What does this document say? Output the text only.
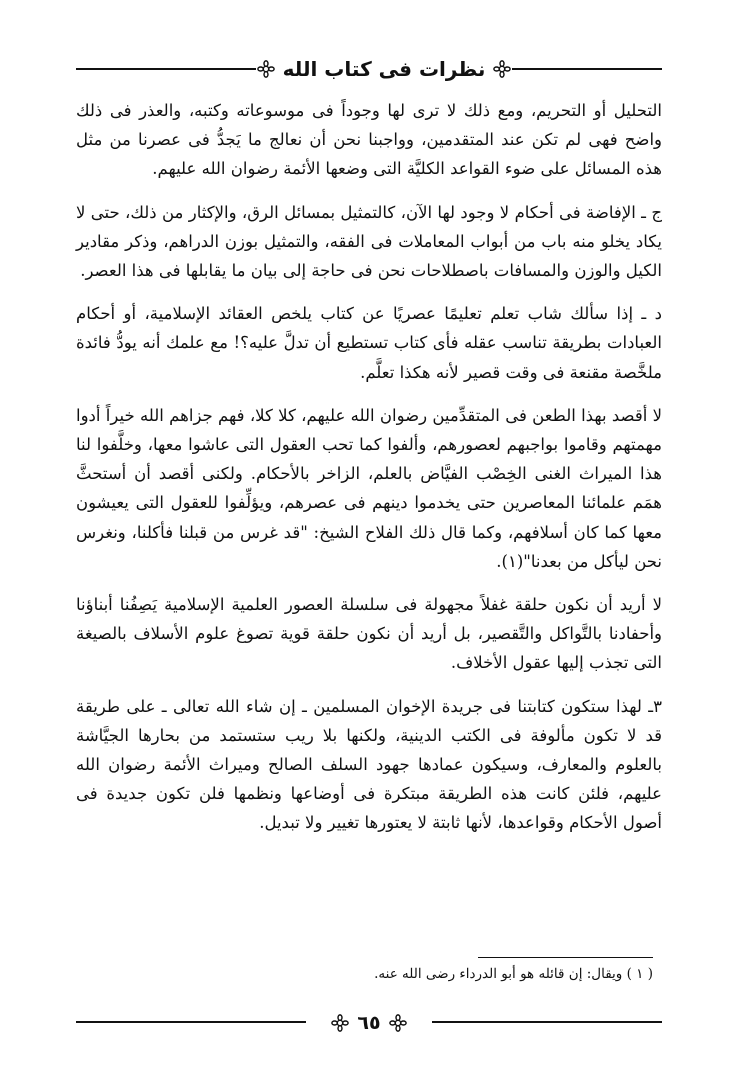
نظرات فى كتاب الله

التحليل أو التحريم، ومع ذلك لا ترى لها وجوداً فى موسوعاته وكتبه، والعذر فى ذلك واضح فهى لم تكن عند المتقدمين، وواجبنا نحن أن نعالج ما يَجدُّ فى عصرنا من مثل هذه المسائل على ضوء القواعد الكليَّة التى وضعها الأئمة رضوان الله عليهم.

ج ـ الإفاضة فى أحكام لا وجود لها الآن، كالتمثيل بمسائل الرق، والإكثار من ذلك، حتى لا يكاد يخلو منه باب من أبواب المعاملات فى الفقه، والتمثيل بوزن الدراهم، وذكر مقادير الكيل والوزن والمسافات باصطلاحات نحن فى حاجة إلى بيان ما يقابلها فى هذا العصر.

د ـ إذا سألك شاب تعلم تعليمًا عصريًا عن كتاب يلخص العقائد الإسلامية، أو أحكام العبادات بطريقة تناسب عقله فأى كتاب تستطيع أن تدلَّ عليه؟! مع علمك أنه يودُّ فائدة ملخَّصة مقنعة فى وقت قصير لأنه هكذا تعلَّم.

لا أقصد بهذا الطعن فى المتقدِّمين رضوان الله عليهم، كلا كلا، فهم جزاهم الله خيراً أدوا مهمتهم وقاموا بواجبهم لعصورهم، وألفوا كما تحب العقول التى عاشوا معها، وخلَّفوا لنا هذا الميراث الغنى الخِصْب الفيَّاض بالعلم، الزاخر بالأحكام. ولكنى أقصد أن أستحثَّ همَم علمائنا المعاصرين حتى يخدموا دينهم فى عصرهم، ويؤلِّفوا للعقول التى يعيشون معها كما كان أسلافهم، وكما قال ذلك الفلاح الشيخ: "قد غرس من قبلنا فأكلنا، ونغرس نحن ليأكل من بعدنا"(١).

لا أريد أن نكون حلقة غفلاً مجهولة فى سلسلة العصور العلمية الإسلامية يَصِفُنا أبناؤنا وأحفادنا بالتَّواكل والتَّقصير، بل أريد أن نكون حلقة قوية تصوغ علوم الأسلاف بالصيغة التى تجذب إليها عقول الأخلاف.

٣ـ لهذا ستكون كتابتنا فى جريدة الإخوان المسلمين ـ إن شاء الله تعالى ـ على طريقة قد لا تكون مألوفة فى الكتب الدينية، ولكنها بلا ريب ستستمد من بحارها الجيَّاشة بالعلوم والمعارف، وسيكون عمادها جهود السلف الصالح وميراث الأئمة رضوان الله عليهم، فلئن كانت هذه الطريقة مبتكرة فى أوضاعها ونظمها فلن تكون جديدة فى أصول الأحكام وقواعدها، لأنها ثابتة لا يعتورها تغيير ولا تبديل.

( ١ ) ويقال: إن قائله هو أبو الدرداء رضى الله عنه.
٦٥
